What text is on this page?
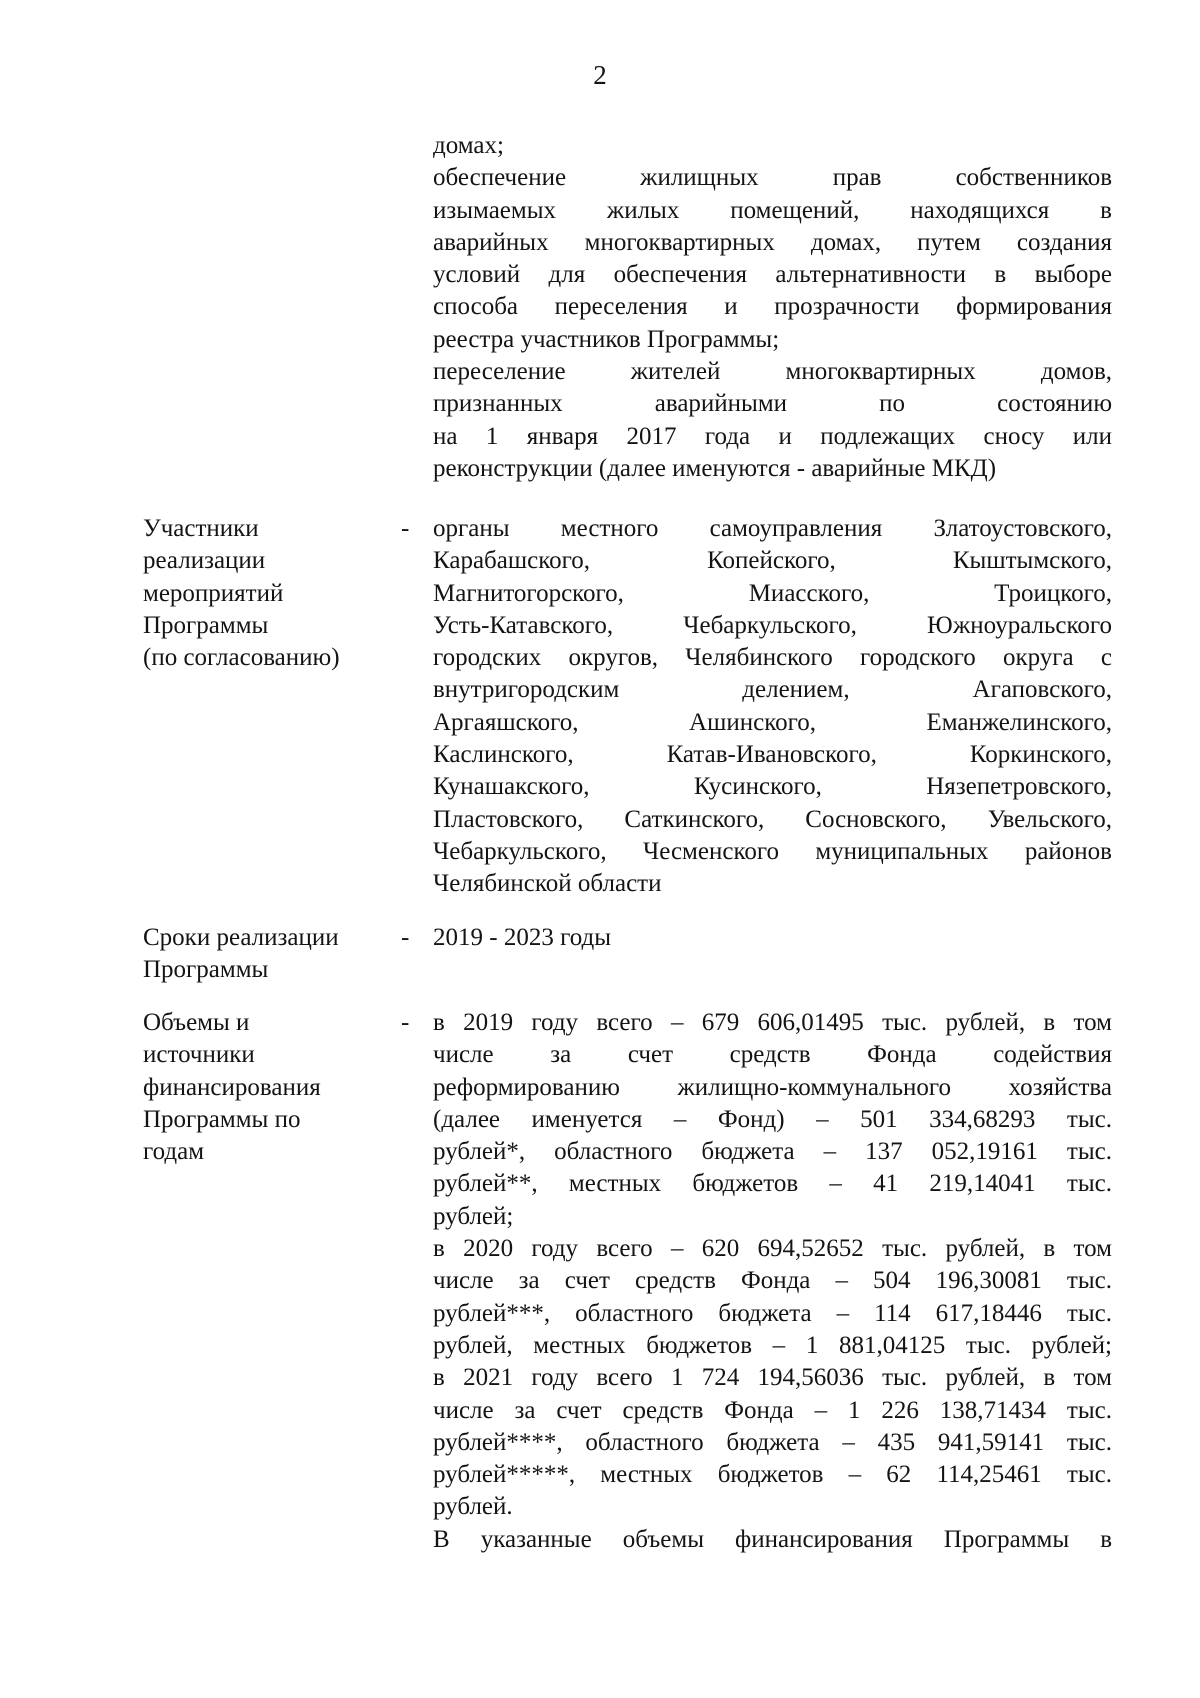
2
домах;
обеспечение жилищных прав собственников
изымаемых жилых помещений, находящихся в
аварийных многоквартирных домах, путем создания
условий для обеспечения альтернативности в выборе
способа переселения и прозрачности формирования
реестра участников Программы;
переселение жителей многоквартирных домов,
признанных аварийными по состоянию
на 1 января 2017 года и подлежащих сносу или
реконструкции (далее именуются - аварийные МКД)
Участники
реализации
мероприятий
Программы
(по согласованию)
- органы местного самоуправления Златоустовского,
Карабашского, Копейского, Кыштымского,
Магнитогорского, Миасского, Троицкого,
Усть-Катавского, Чебаркульского, Южноуральского
городских округов, Челябинского городского округа с
внутригородским делением, Агаповского,
Аргаяшского, Ашинского, Еманжелинского,
Каслинского, Катав-Ивановского, Коркинского,
Кунашакского, Кусинского, Нязепетровского,
Пластовского, Саткинского, Сосновского, Увельского,
Чебаркульского, Чесменского муниципальных районов
Челябинской области
Сроки реализации
Программы
- 2019 - 2023 годы
Объемы и
источники
финансирования
Программы по
годам
- в 2019 году всего – 679 606,01495 тыс. рублей, в том
числе за счет средств Фонда содействия
реформированию жилищно-коммунального хозяйства
(далее именуется – Фонд) – 501 334,68293 тыс.
рублей*, областного бюджета – 137 052,19161 тыс.
рублей**, местных бюджетов – 41 219,14041 тыс.
рублей;
в 2020 году всего – 620 694,52652 тыс. рублей, в том
числе за счет средств Фонда – 504 196,30081 тыс.
рублей***, областного бюджета – 114 617,18446 тыс.
рублей, местных бюджетов – 1 881,04125 тыс. рублей;
в 2021 году всего 1 724 194,56036 тыс. рублей, в том
числе за счет средств Фонда – 1 226 138,71434 тыс.
рублей****, областного бюджета – 435 941,59141 тыс.
рублей*****, местных бюджетов – 62 114,25461 тыс.
рублей.
В указанные объемы финансирования Программы в
